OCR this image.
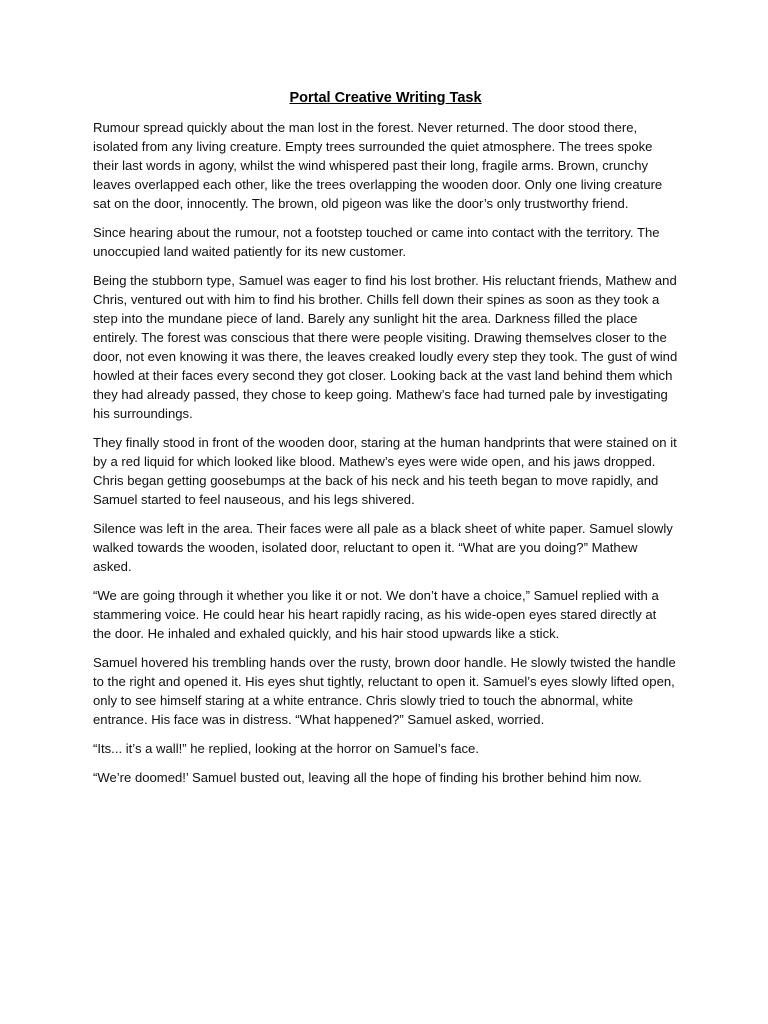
Portal Creative Writing Task

Rumour spread quickly about the man lost in the forest. Never returned. The door stood there, isolated from any living creature. Empty trees surrounded the quiet atmosphere. The trees spoke their last words in agony, whilst the wind whispered past their long, fragile arms. Brown, crunchy leaves overlapped each other, like the trees overlapping the wooden door. Only one living creature sat on the door, innocently. The brown, old pigeon was like the door’s only trustworthy friend.

Since hearing about the rumour, not a footstep touched or came into contact with the territory. The unoccupied land waited patiently for its new customer.

Being the stubborn type, Samuel was eager to find his lost brother. His reluctant friends, Mathew and Chris, ventured out with him to find his brother. Chills fell down their spines as soon as they took a step into the mundane piece of land. Barely any sunlight hit the area. Darkness filled the place entirely. The forest was conscious that there were people visiting. Drawing themselves closer to the door, not even knowing it was there, the leaves creaked loudly every step they took. The gust of wind howled at their faces every second they got closer. Looking back at the vast land behind them which they had already passed, they chose to keep going. Mathew’s face had turned pale by investigating his surroundings.

They finally stood in front of the wooden door, staring at the human handprints that were stained on it by a red liquid for which looked like blood. Mathew’s eyes were wide open, and his jaws dropped. Chris began getting goosebumps at the back of his neck and his teeth began to move rapidly, and Samuel started to feel nauseous, and his legs shivered.

Silence was left in the area. Their faces were all pale as a black sheet of white paper. Samuel slowly walked towards the wooden, isolated door, reluctant to open it. “What are you doing?” Mathew asked.

“We are going through it whether you like it or not. We don’t have a choice,” Samuel replied with a stammering voice. He could hear his heart rapidly racing, as his wide-open eyes stared directly at the door. He inhaled and exhaled quickly, and his hair stood upwards like a stick.

Samuel hovered his trembling hands over the rusty, brown door handle. He slowly twisted the handle to the right and opened it. His eyes shut tightly, reluctant to open it. Samuel’s eyes slowly lifted open, only to see himself staring at a white entrance. Chris slowly tried to touch the abnormal, white entrance. His face was in distress. “What happened?” Samuel asked, worried.

“Its... it’s a wall!” he replied, looking at the horror on Samuel’s face.

“We’re doomed!’ Samuel busted out, leaving all the hope of finding his brother behind him now.
